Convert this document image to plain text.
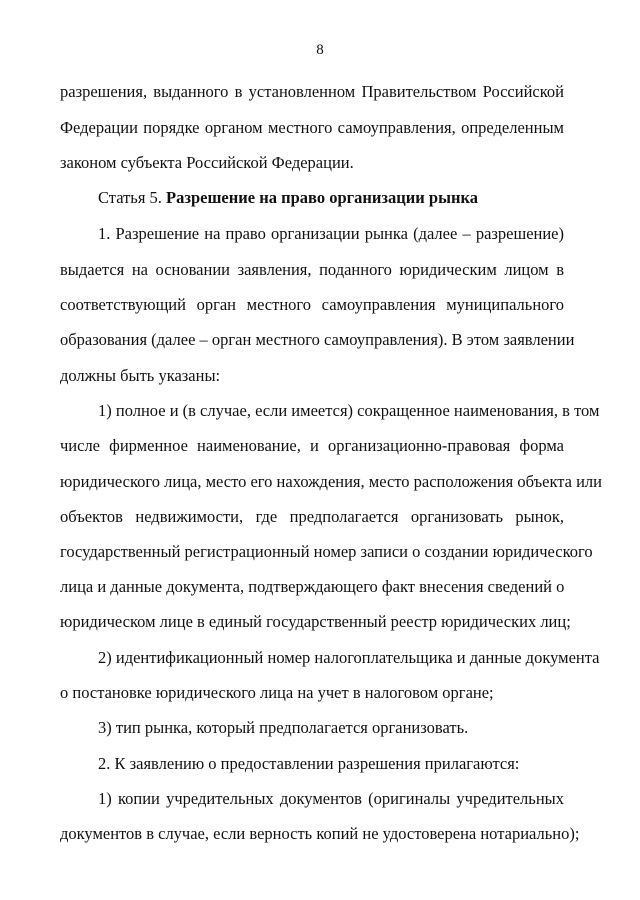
8
разрешения, выданного в установленном Правительством Российской
Федерации порядке органом местного самоуправления, определенным
законом субъекта Российской Федерации.
Статья 5. Разрешение на право организации рынка
1. Разрешение на право организации рынка (далее – разрешение)
выдается на основании заявления, поданного юридическим лицом в
соответствующий орган местного самоуправления муниципального
образования (далее – орган местного самоуправления). В этом заявлении
должны быть указаны:
1) полное и (в случае, если имеется) сокращенное наименования, в том
числе фирменное наименование, и организационно-правовая форма
юридического лица, место его нахождения, место расположения объекта или
объектов недвижимости, где предполагается организовать рынок,
государственный регистрационный номер записи о создании юридического
лица и данные документа, подтверждающего факт внесения сведений о
юридическом лице в единый государственный реестр юридических лиц;
2) идентификационный номер налогоплательщика и данные документа
о постановке юридического лица на учет в налоговом органе;
3) тип рынка, который предполагается организовать.
2. К заявлению о предоставлении разрешения прилагаются:
1) копии учредительных документов (оригиналы учредительных
документов в случае, если верность копий не удостоверена нотариально);
